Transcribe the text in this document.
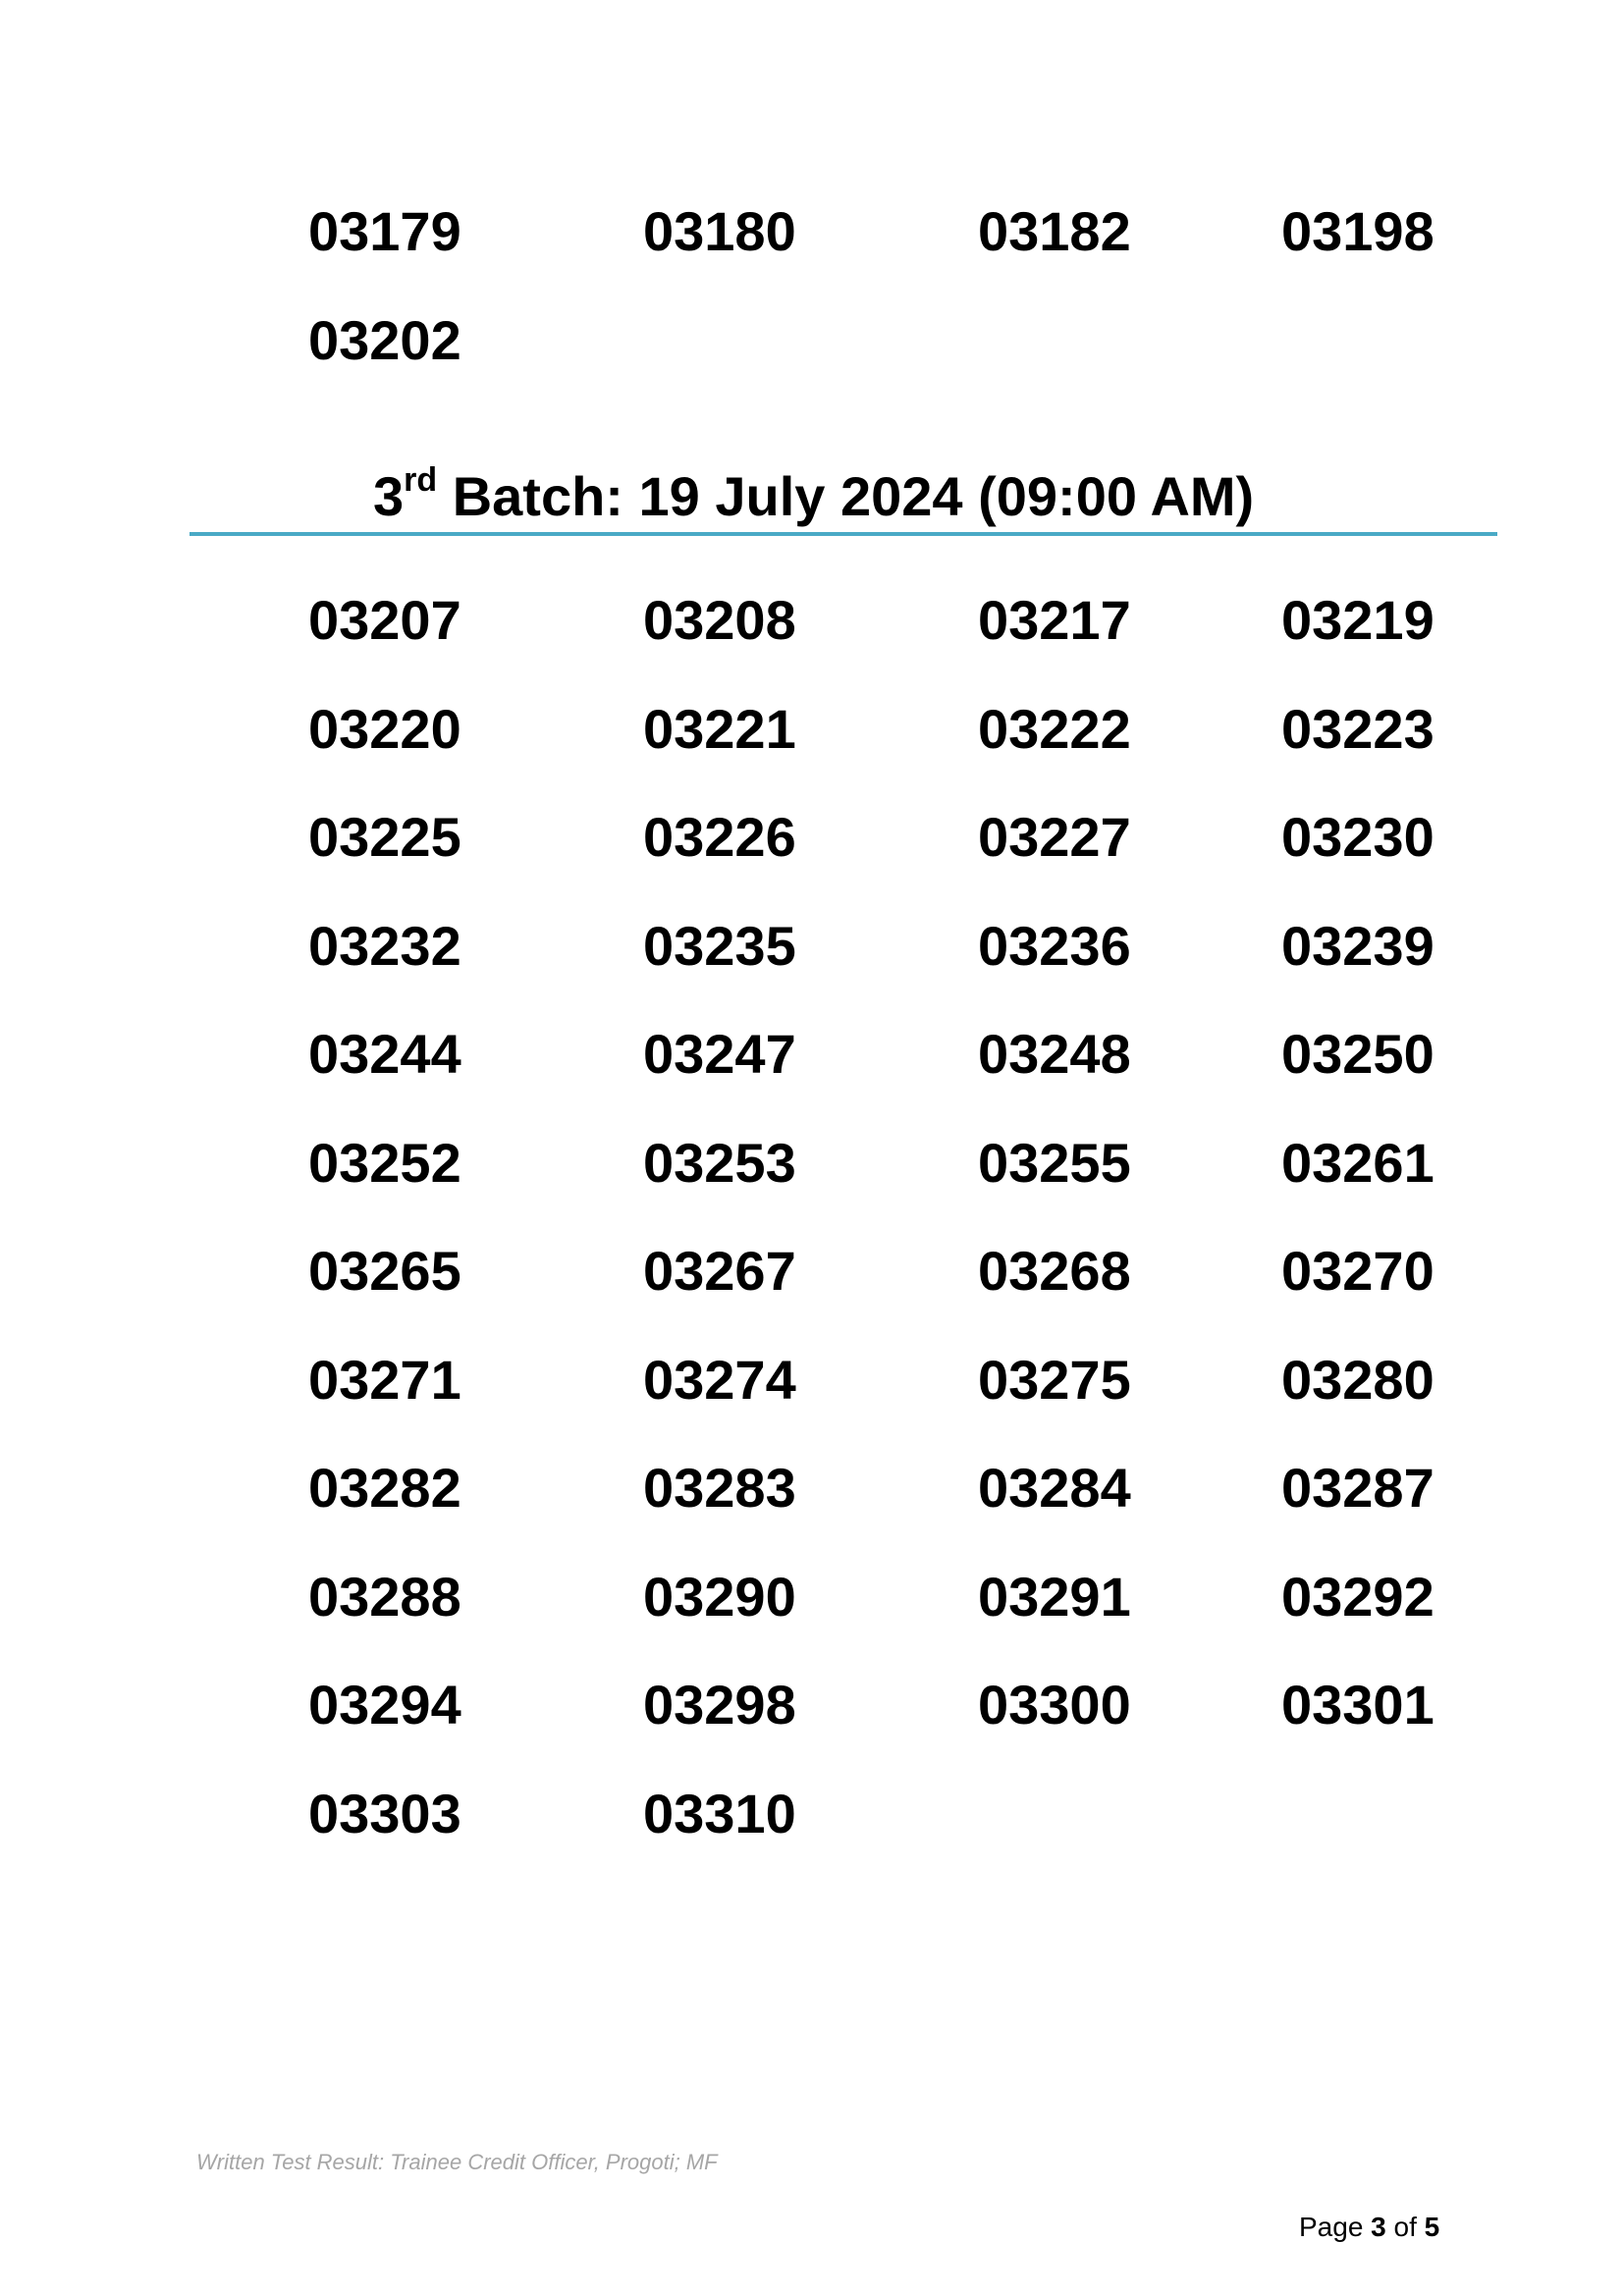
03179	03180	03182	03198
03202
3rd Batch: 19 July 2024 (09:00 AM)
03207	03208	03217	03219
03220	03221	03222	03223
03225	03226	03227	03230
03232	03235	03236	03239
03244	03247	03248	03250
03252	03253	03255	03261
03265	03267	03268	03270
03271	03274	03275	03280
03282	03283	03284	03287
03288	03290	03291	03292
03294	03298	03300	03301
03303	03310
Written Test Result: Trainee Credit Officer, Progoti; MF
Page 3 of 5
